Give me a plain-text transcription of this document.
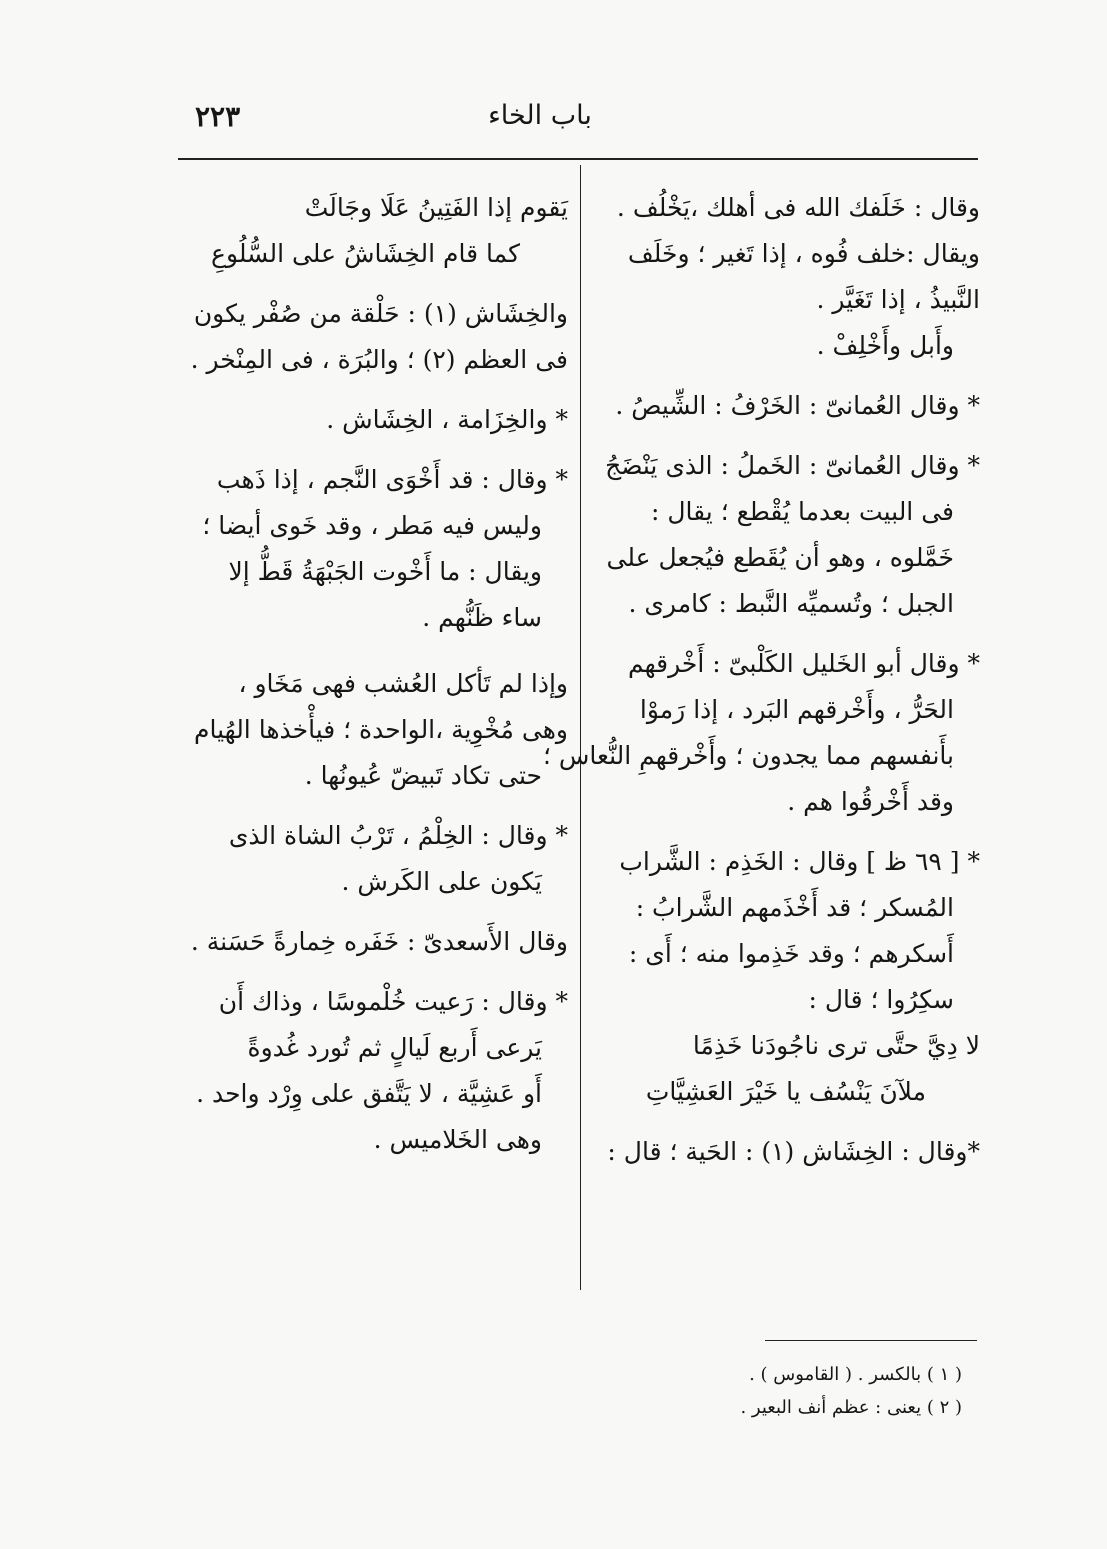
باب الخاء
٢٢٣
وقال : خَلَفك الله فى أهلك ،يَخْلُف .
ويقال :خلف فُوه ، إذا تَغير ؛ وخَلَف
النَّبيذُ ، إذا تَغَيَّر .
وأَبل وأَخْلِفْ .
* وقال العُمانىّ : الخَرْفُ : الشِّيصُ .
* وقال العُمانىّ : الخَملُ : الذى يَنْضَجُ
فى البيت بعدما يُقْطع ؛ يقال :
خَمَّلوه ، وهو أن يُقَطع فيُجعل على
الجبل ؛ وتُسميِّه النَّبط : كامرى .
* وقال أبو الخَليل الكَلْبىّ : أَخْرقهم
الحَرُّ ، وأَخْرقهم البَرد ، إذا رَموْا
بأَنفسهم مما يجدون ؛ وأَخْرقهمِ النُّعاس ؛
وقد أَخْرقُوا هم .
* [ ٦٩ ظ ] وقال : الخَذِم : الشَّراب
المُسكر ؛ قد أَخْذَمهم الشَّرابُ :
أَسكرهم ؛ وقد خَذِموا منه ؛ أَى :
سكِرُوا ؛ قال :
لا دِيَّ حتَّى ترى ناجُودَنا خَذِمًا
ملآنَ يَنْسُف يا خَيْرَ العَشِيَّاتِ
*وقال : الخِشَاش (١) : الحَية ؛ قال :
يَقوم إذا الفَتِينُ عَلَا وجَالَتْ
كما قام الخِشَاشُ على السُّلُوعِ
والخِشَاش (١) : حَلْقة من صُفْر يكون
فى العظم (٢) ؛ والبُرَة ، فى المِنْخر .
* والخِزَامة ، الخِشَاش .
* وقال : قد أَخْوَى النَّجم ، إذا ذَهب
وليس فيه مَطر ، وقد خَوى أيضا ؛
ويقال : ما أَخْوت الجَبْهَةُ قَطُّ إلا
ساء ظَنُّهم .
وإذا لم تَأكل العُشب فهى مَخَاو ،
وهى مُخْوِية ،الواحدة ؛ فيأْخذها الهُيام
حتى تكاد تَبيضّ عُيونُها .
* وقال : الخِلْمُ ، تَرْبُ الشاة الذى
يَكون على الكَرش .
وقال الأَسعدىّ : خَفَره خِمارةً حَسَنة .
* وقال : رَعيت خُلْموسًا ، وذاك أَن
يَرعى أَربع لَيالٍ ثم تُورد غُدوةً
أَو عَشِيَّة ، لا يَتَّفق على وِرْد واحد .
وهى الخَلاميس .
( ١ ) بالكسر . ( القاموس ) .
( ٢ ) يعنى : عظم أنف البعير .
